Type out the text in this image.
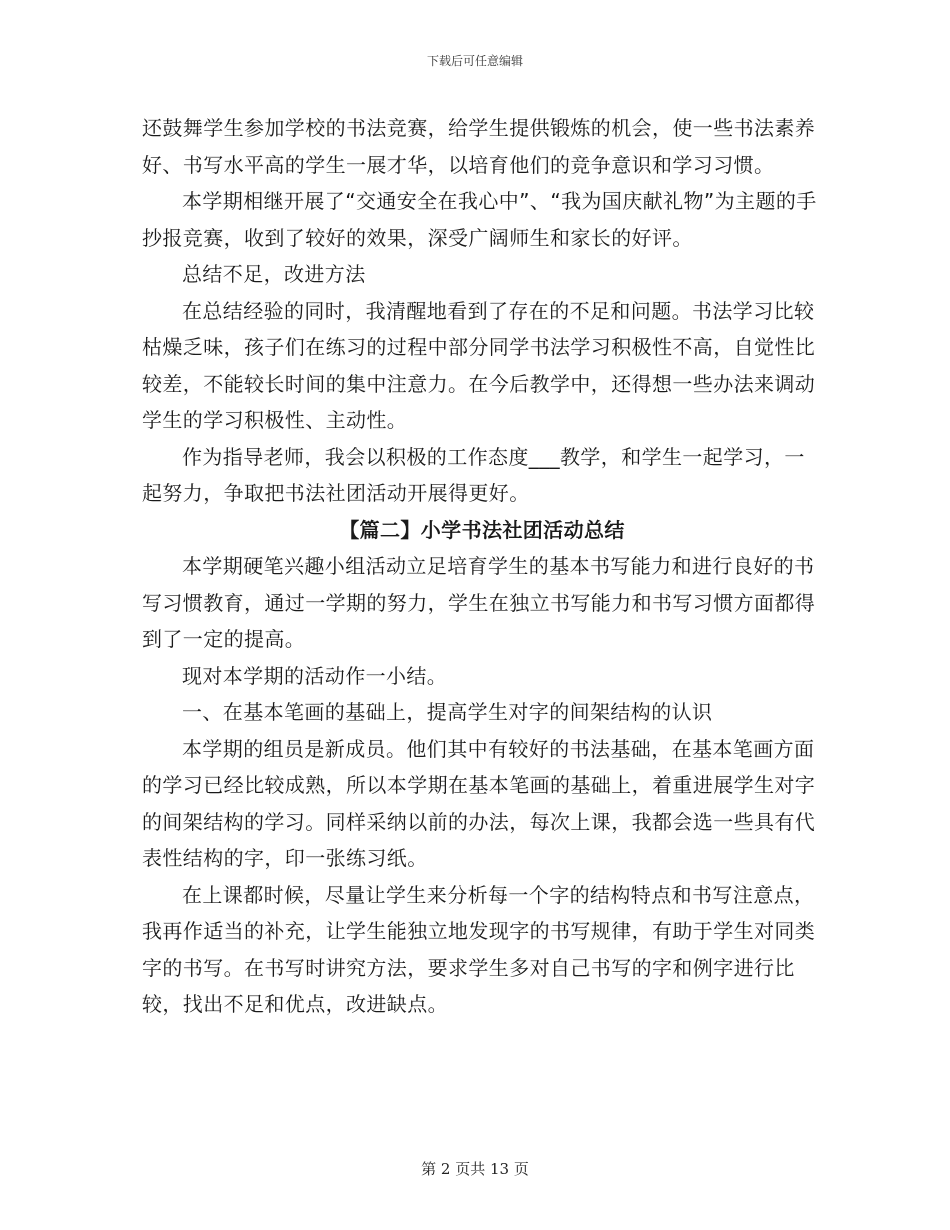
下载后可任意编辑

还鼓舞学生参加学校的书法竞赛，给学生提供锻炼的机会，使一些书法素养好、书写水平高的学生一展才华，以培育他们的竞争意识和学习习惯。

本学期相继开展了“交通安全在我心中”、“我为国庆献礼物”为主题的手抄报竞赛，收到了较好的效果，深受广阔师生和家长的好评。

总结不足，改进方法

在总结经验的同时，我清醒地看到了存在的不足和问题。书法学习比较枯燥乏味，孩子们在练习的过程中部分同学书法学习积极性不高，自觉性比较差，不能较长时间的集中注意力。在今后教学中，还得想一些办法来调动学生的学习积极性、主动性。

作为指导老师，我会以积极的工作态度___教学，和学生一起学习，一起努力，争取把书法社团活动开展得更好。

【篇二】小学书法社团活动总结

本学期硬笔兴趣小组活动立足培育学生的基本书写能力和进行良好的书写习惯教育，通过一学期的努力，学生在独立书写能力和书写习惯方面都得到了一定的提高。

现对本学期的活动作一小结。

一、在基本笔画的基础上，提高学生对字的间架结构的认识

本学期的组员是新成员。他们其中有较好的书法基础，在基本笔画方面的学习已经比较成熟，所以本学期在基本笔画的基础上，着重进展学生对字的间架结构的学习。同样采纳以前的办法，每次上课，我都会选一些具有代表性结构的字，印一张练习纸。

在上课都时候，尽量让学生来分析每一个字的结构特点和书写注意点，我再作适当的补充，让学生能独立地发现字的书写规律，有助于学生对同类字的书写。在书写时讲究方法，要求学生多对自己书写的字和例字进行比较，找出不足和优点，改进缺点。

第 2 页共 13 页
